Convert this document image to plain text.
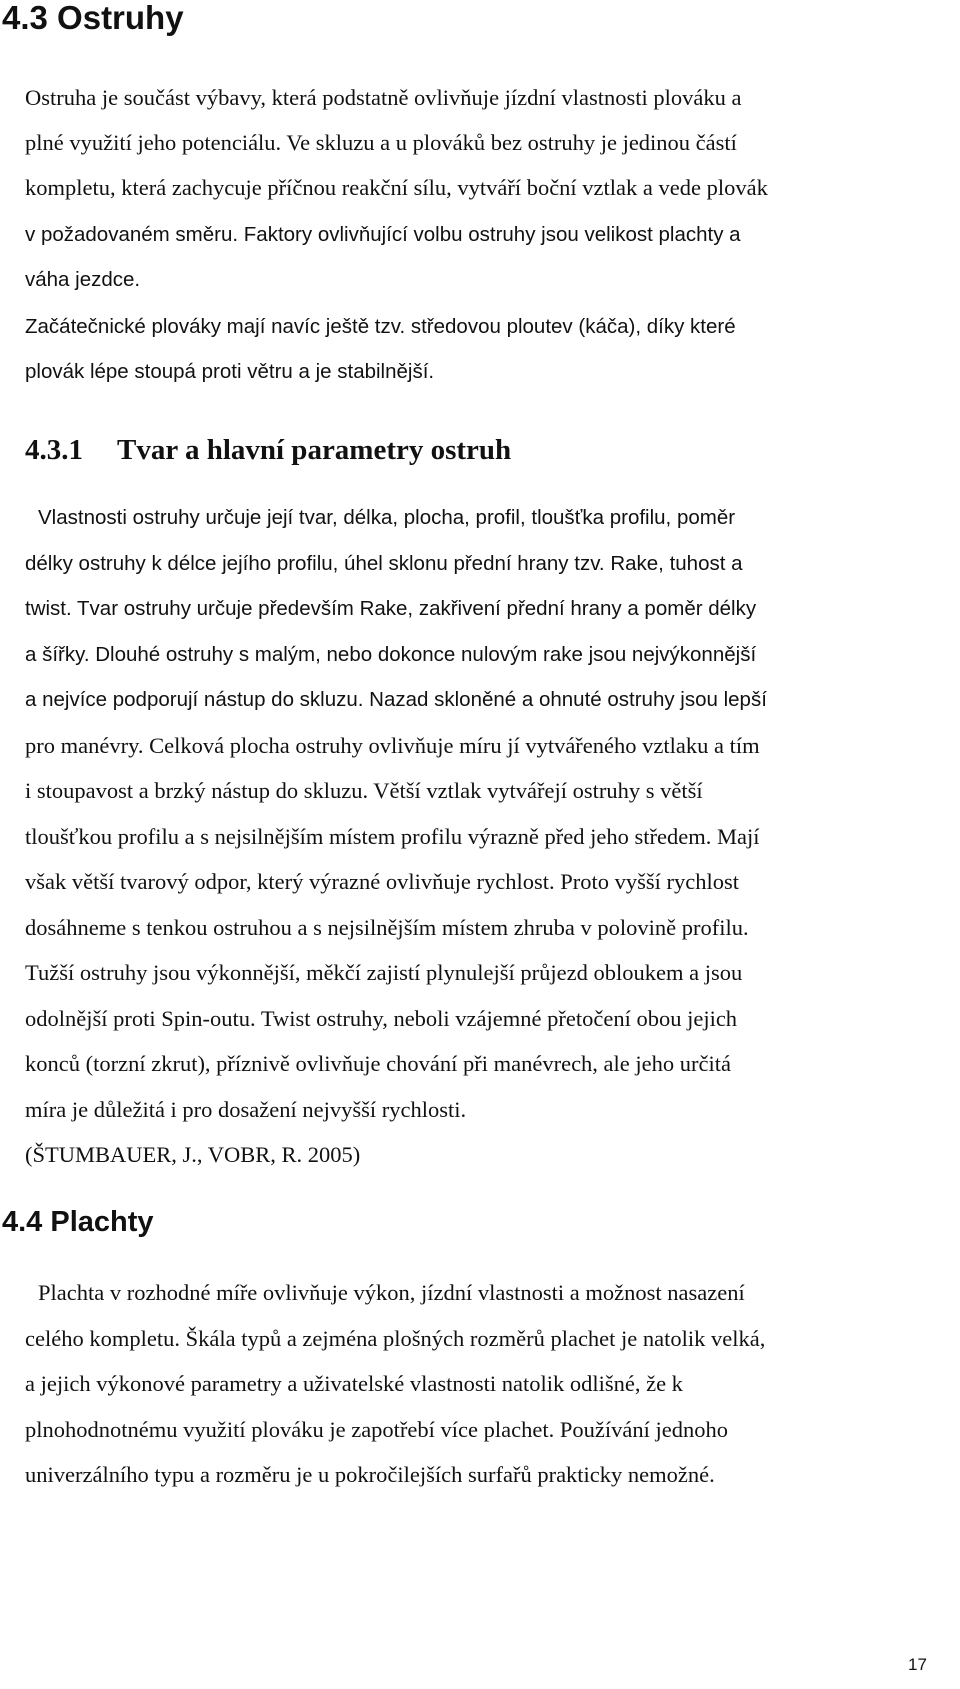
4.3 Ostruhy
Ostruha je součást výbavy, která podstatně ovlivňuje jízdní vlastnosti plováku a
plné využití jeho potenciálu. Ve skluzu a u plováků bez ostruhy je jedinou částí
kompletu, která zachycuje příčnou reakční sílu, vytváří boční vztlak a vede plovák
v požadovaném směru. Faktory ovlivňující volbu ostruhy jsou velikost plachty a
váha jezdce.
Začátečnické plováky mají navíc ještě tzv. středovou ploutev (káča), díky které
plovák lépe stoupá proti větru a je stabilnější.
4.3.1 Tvar a hlavní parametry ostruh
Vlastnosti ostruhy určuje její tvar, délka, plocha, profil, tloušťka profilu, poměr
délky ostruhy k délce jejího profilu, úhel sklonu přední hrany tzv. Rake, tuhost a
twist. Tvar ostruhy určuje především Rake, zakřivení přední hrany a poměr délky
a šířky. Dlouhé ostruhy s malým, nebo dokonce nulovým rake jsou nejvýkonnější
a nejvíce podporují nástup do skluzu. Nazad skloněné a ohnuté ostruhy jsou lepší
pro manévry. Celková plocha ostruhy ovlivňuje míru jí vytvářeného vztlaku a tím
i stoupavost a brzký nástup do skluzu. Větší vztlak vytvářejí ostruhy s větší
tloušťkou profilu a s nejsilnějším místem profilu výrazně před jeho středem. Mají
však větší tvarový odpor, který výrazné ovlivňuje rychlost. Proto vyšší rychlost
dosáhneme s tenkou ostruhou a s nejsilnějším místem zhruba v polovině profilu.
Tužší ostruhy jsou výkonnější, měkčí zajistí plynulejší průjezd obloukem a jsou
odolnější proti Spin-outu. Twist ostruhy, neboli vzájemné přetočení obou jejich
konců (torzní zkrut), příznivě ovlivňuje chování při manévrech, ale jeho určitá
míra je důležitá i pro dosažení nejvyšší rychlosti.
(ŠTUMBAUER, J., VOBR, R. 2005)
4.4 Plachty
Plachta v rozhodné míře ovlivňuje výkon, jízdní vlastnosti a možnost nasazení
celého kompletu. Škála typů a zejména plošných rozměrů plachet je natolik velká,
a jejich výkonové parametry a uživatelské vlastnosti natolik odlišné, že k
plnohodnotnému využití plováku je zapotřebí více plachet. Používání jednoho
univerzálního typu a rozměru je u pokročilejších surfařů prakticky nemožné.
17
